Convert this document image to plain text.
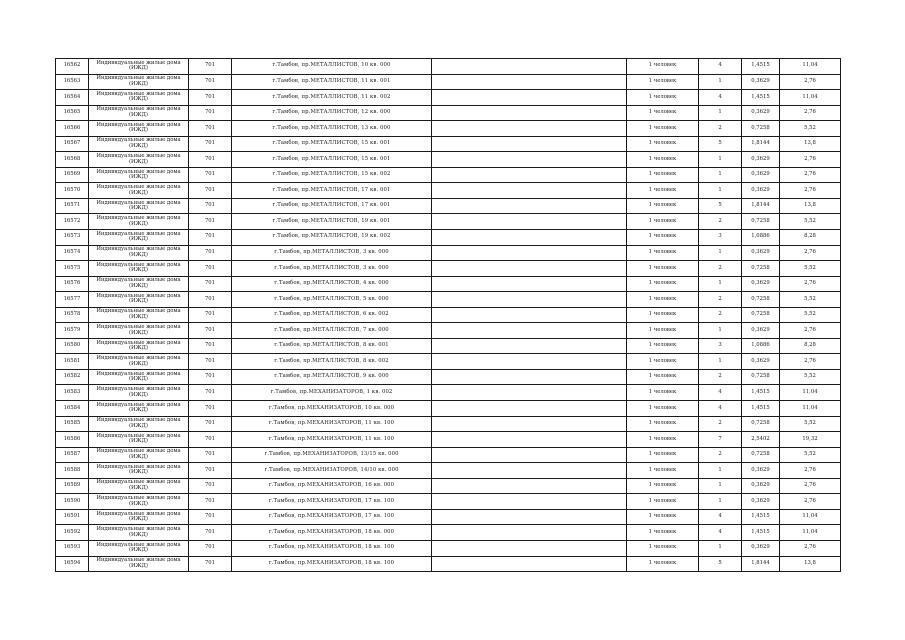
16562	Индивидуальные жилые дома (ИЖД)	701	г.Тамбов, пр.МЕТАЛЛИСТОВ, 10 кв. 000		1 человек	4	1,4515	11,04
16563	Индивидуальные жилые дома (ИЖД)	701	г.Тамбов, пр.МЕТАЛЛИСТОВ, 11 кв. 001		1 человек	1	0,3629	2,76
16564	Индивидуальные жилые дома (ИЖД)	701	г.Тамбов, пр.МЕТАЛЛИСТОВ, 11 кв. 002		1 человек	4	1,4515	11,04
16565	Индивидуальные жилые дома (ИЖД)	701	г.Тамбов, пр.МЕТАЛЛИСТОВ, 12 кв. 000		1 человек	1	0,3629	2,76
16566	Индивидуальные жилые дома (ИЖД)	701	г.Тамбов, пр.МЕТАЛЛИСТОВ, 13 кв. 000		1 человек	2	0,7258	5,52
16567	Индивидуальные жилые дома (ИЖД)	701	г.Тамбов, пр.МЕТАЛЛИСТОВ, 15 кв. 001		1 человек	5	1,8144	13,8
16568	Индивидуальные жилые дома (ИЖД)	701	г.Тамбов, пр.МЕТАЛЛИСТОВ, 15 кв. 001		1 человек	1	0,3629	2,76
16569	Индивидуальные жилые дома (ИЖД)	701	г.Тамбов, пр.МЕТАЛЛИСТОВ, 15 кв. 002		1 человек	1	0,3629	2,76
16570	Индивидуальные жилые дома (ИЖД)	701	г.Тамбов, пр.МЕТАЛЛИСТОВ, 17 кв. 001		1 человек	1	0,3629	2,76
16571	Индивидуальные жилые дома (ИЖД)	701	г.Тамбов, пр.МЕТАЛЛИСТОВ, 17 кв. 001		1 человек	5	1,8144	13,8
16572	Индивидуальные жилые дома (ИЖД)	701	г.Тамбов, пр.МЕТАЛЛИСТОВ, 19 кв. 001		1 человек	2	0,7258	5,52
16573	Индивидуальные жилые дома (ИЖД)	701	г.Тамбов, пр.МЕТАЛЛИСТОВ, 19 кв. 002		1 человек	3	1,0886	8,28
16574	Индивидуальные жилые дома (ИЖД)	701	г.Тамбов, пр.МЕТАЛЛИСТОВ, 3 кв. 000		1 человек	1	0,3629	2,76
16575	Индивидуальные жилые дома (ИЖД)	701	г.Тамбов, пр.МЕТАЛЛИСТОВ, 3 кв. 000		1 человек	2	0,7258	5,52
16576	Индивидуальные жилые дома (ИЖД)	701	г.Тамбов, пр.МЕТАЛЛИСТОВ, 4 кв. 000		1 человек	1	0,3629	2,76
16577	Индивидуальные жилые дома (ИЖД)	701	г.Тамбов, пр.МЕТАЛЛИСТОВ, 5 кв. 000		1 человек	2	0,7258	5,52
16578	Индивидуальные жилые дома (ИЖД)	701	г.Тамбов, пр.МЕТАЛЛИСТОВ, 6 кв. 002		1 человек	2	0,7258	5,52
16579	Индивидуальные жилые дома (ИЖД)	701	г.Тамбов, пр.МЕТАЛЛИСТОВ, 7 кв. 000		1 человек	1	0,3629	2,76
16580	Индивидуальные жилые дома (ИЖД)	701	г.Тамбов, пр.МЕТАЛЛИСТОВ, 8 кв. 001		1 человек	3	1,0886	8,28
16581	Индивидуальные жилые дома (ИЖД)	701	г.Тамбов, пр.МЕТАЛЛИСТОВ, 8 кв. 002		1 человек	1	0,3629	2,76
16582	Индивидуальные жилые дома (ИЖД)	701	г.Тамбов, пр.МЕТАЛЛИСТОВ, 9 кв. 000		1 человек	2	0,7258	5,52
16583	Индивидуальные жилые дома (ИЖД)	701	г.Тамбов, пр.МЕХАНИЗАТОРОВ, 1 кв. 002		1 человек	4	1,4515	11,04
16584	Индивидуальные жилые дома (ИЖД)	701	г.Тамбов, пр.МЕХАНИЗАТОРОВ, 10 кв. 000		1 человек	4	1,4515	11,04
16585	Индивидуальные жилые дома (ИЖД)	701	г.Тамбов, пр.МЕХАНИЗАТОРОВ, 11 кв. 100		1 человек	2	0,7258	5,52
16586	Индивидуальные жилые дома (ИЖД)	701	г.Тамбов, пр.МЕХАНИЗАТОРОВ, 11 кв. 100		1 человек	7	2,5402	19,32
16587	Индивидуальные жилые дома (ИЖД)	701	г.Тамбов, пр.МЕХАНИЗАТОРОВ, 13/15 кв. 000		1 человек	2	0,7258	5,52
16588	Индивидуальные жилые дома (ИЖД)	701	г.Тамбов, пр.МЕХАНИЗАТОРОВ, 14/10 кв. 000		1 человек	1	0,3629	2,76
16589	Индивидуальные жилые дома (ИЖД)	701	г.Тамбов, пр.МЕХАНИЗАТОРОВ, 16 кв. 000		1 человек	1	0,3629	2,76
16590	Индивидуальные жилые дома (ИЖД)	701	г.Тамбов, пр.МЕХАНИЗАТОРОВ, 17 кв. 100		1 человек	1	0,3629	2,76
16591	Индивидуальные жилые дома (ИЖД)	701	г.Тамбов, пр.МЕХАНИЗАТОРОВ, 17 кв. 100		1 человек	4	1,4515	11,04
16592	Индивидуальные жилые дома (ИЖД)	701	г.Тамбов, пр.МЕХАНИЗАТОРОВ, 18 кв. 000		1 человек	4	1,4515	11,04
16593	Индивидуальные жилые дома (ИЖД)	701	г.Тамбов, пр.МЕХАНИЗАТОРОВ, 18 кв. 100		1 человек	1	0,3629	2,76
16594	Индивидуальные жилые дома (ИЖД)	701	г.Тамбов, пр.МЕХАНИЗАТОРОВ, 18 кв. 100		1 человек	5	1,8144	13,8
